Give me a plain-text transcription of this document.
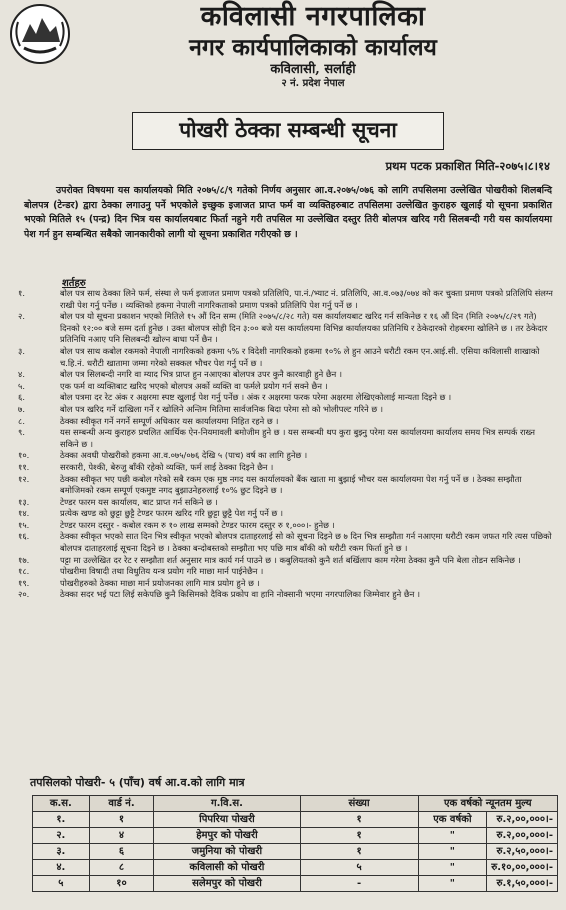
कविलासी नगरपालिका
नगर कार्यपालिकाको कार्यालय
कविलासी, सर्लाही
२ नं. प्रदेश नेपाल
पोखरी ठेक्का सम्बन्धी सूचना
प्रथम पटक प्रकाशित मिति-२०७५।८।१४
उपरोक्त विषयमा यस कार्यालयको मिति २०७५/८/९ गतेको निर्णय अनुसार आ.व.२०७५/०७६ को लागि तपसिलमा उल्लेखित पोखरीको शिलबन्दि बोलपत्र (टेन्डर) द्वारा ठेक्का लगाउनु पर्ने भएकोले इच्छुक इजाजत प्राप्त फर्म वा व्यक्तिहरुबाट तपसिलमा उल्लेखित कुराहरु खुलाई यो सूचना प्रकाशित भएको मितिले १५ (पन्द्र) दिन भित्र यस कार्यालयबाट फिर्ता नहुने गरी तपसिल मा उल्लेखित दस्तुर तिरी बोलपत्र खरिद गरी सिलबन्दी गरी यस कार्यालयमा पेश गर्न हुन सम्बन्धित सबैको जानकारीको लागी यो सूचना प्रकाशित गरीएको छ ।
शर्तहरु
१.	बोल पत्र साथ ठेक्का लिने फर्म, संस्था ले फर्म इजाजत प्रमाण पत्रको प्रतिलिपि, पा.नं./भ्याट नं. प्रतिलिपि, आ.व.०७३/०७४ को कर चुक्ता प्रमाण पत्रको प्रतिलिपि संलग्न राखी पेश गर्नु पर्नेछ । व्यक्तिको हकमा नेपाली नागरिकताको प्रमाण पत्रको प्रतिलिपि पेश गर्नु पर्ने छ ।
२.	बोल पत्र यो सूचना प्रकाशन भएको मितिले १५ औं दिन सम्म (मिति २०७५/८/२८ गते) यस कार्यालयबाट खरिद गर्न सकिनेछ र १६ औं दिन (मिति २०७५/८/२९ गते) दिनको १२:०० बजे सम्म दर्ता हुनेछ । उक्त बोलपत्र सोही दिन ३:०० बजे यस कार्यालयमा विभिन्न कार्यालयका प्रतिनिधि र ठेकेदारको रोहबरमा खोलिने छ । तर ठेकेदार प्रतिनिधि नआए पनि सिलबन्दी खोल्न बाधा पर्ने छैन ।
३.	बोल पत्र साथ कबोल रकमको नेपाली नागरिकको हकमा ५% र विदेशी नागरिकको हकमा १०% ले हुन आउने धरौटी रकम एन.आई.सी. एसिया कविलासी शाखाको च.हि.नं. धरौटी खातामा जम्मा गरेको सक्कल भौचर पेश गर्नु पर्ने छ ।
४.	बोल पत्र सिलबन्दी नगरि वा म्याद भित्र प्राप्त हुन नआएका बोलपत्र उपर कुनै कारवाही हुने छैन ।
५.	एक फर्म वा व्यक्तिबाट खरिद भएको बोलपत्र अर्को व्यक्ति वा फर्मले प्रयोग गर्न सक्ने छैन ।
६.	बोल पत्रमा दर रेट अंक र अक्षरमा स्पष्ट खुलाई पेश गर्नु पर्नेछ । अंक र अक्षरमा फरक परेमा अक्षरमा लेखिएकोलाई मान्यता दिइने छ ।
७.	बोल पत्र खरिद गर्ने दाखिला गर्ने र खोलिने अन्तिम मितिमा सार्वजनिक बिदा परेमा सो को भोलीपल्ट गरिने छ ।
८.	ठेक्का स्वीकृत गर्ने नगर्ने सम्पूर्ण अधिकार यस कार्यालयमा निहित रहने छ ।
९.	यस सम्बन्धी अन्य कुराहरु प्रचलित आर्थिक ऐन-नियमावली बमोजीम हुने छ । यस सम्बन्धी थप कुरा बुझ्नु परेमा यस कार्यालयमा कार्यालय समय भित्र सम्पर्क राख्न सकिने छ ।
१०.	ठेक्का अवधी पोखरीको हकमा आ.व.०७५/०७६ देखि ५ (पाच) वर्ष का लागि हुनेछ ।
११.	सरकारी, पेश्की, बेरुजु बाँकी रहेको व्यक्ति, फर्म लाई ठेक्का दिइने छैन ।
१२.	ठेक्का स्वीकृत भए पछी कबोल गरेको सबै रकम एक मुष्ठ नगद यस कार्यालयको बैंक खाता मा बुझाई भौचर यस कार्यालयमा पेश गर्नु पर्ने छ । ठेक्का सम्झौता बमोजिमको रकम सम्पूर्ण एकमुष्ट नगद बुझाउनेहरुलाई १०% छुट दिइने छ ।
१३.	टेण्डर फारम यस कार्यालय, बाट प्राप्त गर्न सकिने छ ।
१४.	प्रत्येक खण्ड को छुट्टा छुट्टै टेण्डर फारम खरिद गरि छुट्टा छुट्टै पेश गर्नु पर्ने छ ।
१५.	टेण्डर फारम दस्तुर - कबोल रकम रु १० लाख सम्मको टेण्डर फारम दस्तुर रु १,०००।- हुनेछ ।
१६.	ठेक्का स्वीकृत भएको सात दिन भित्र स्वीकृत भएको बोलपत्र दाताहरलाई सो को सूचना दिइने छ ७ दिन भित्र सम्झौता गर्न नआएमा धरौटी रकम जफत गरि त्यस पछिको बोलपत्र दाताहरलाई सूचना दिइने छ । ठेक्का बन्दोबस्तको सम्झौता भए पछि मात्र बाँकी को धरौटी रकम फिर्ता हुने छ ।
१७.	पट्टा मा उल्लेखित दर रेट र सम्झौता शर्त अनुसार मात्र कार्य गर्न पाउने छ । कबुलियतको कुनै शर्त बर्खिलाप काम गरेमा ठेक्का कुनै पनि बेला तोडन सकिनेछ ।
१८.	पोखरीमा विषादी तथा विधुतिय यन्त्र प्रयोग गरि माछा मार्न पाईनेछैन ।
१९.	पोखरीहरुको ठेक्का माछा मार्न प्रयोजनका लागि मात्र प्रयोग हुने छ ।
२०.	ठेक्का सदर भई पटा लिई सकेपछि कुनै किसिमको दैविक प्रकोप वा हानि नोक्सानी भएमा नगरपालिका जिम्मेवार हुने छैन ।
तपसिलको पोखरी- ५ (पाँच) वर्ष आ.व.को लागि मात्र
क.स.	वार्ड नं.	ग.वि.स.	संख्या	एक वर्षको न्यूनतम मुल्य	
१.	१	पिपरिया पोखरी	१	एक वर्षको	रु.२,००,०००।-
२.	४	हेमपुर को पोखरी	१	"	रु.२,००,०००।-
३.	६	जमुनिया को पोखरी	१	"	रु.२,५०,०००।-
४.	८	कविलासी को पोखरी	५	"	रु.१०,००,०००।-
५	१०	सलेमपुर को पोखरी	-	"	रु.१,५०,०००।-
